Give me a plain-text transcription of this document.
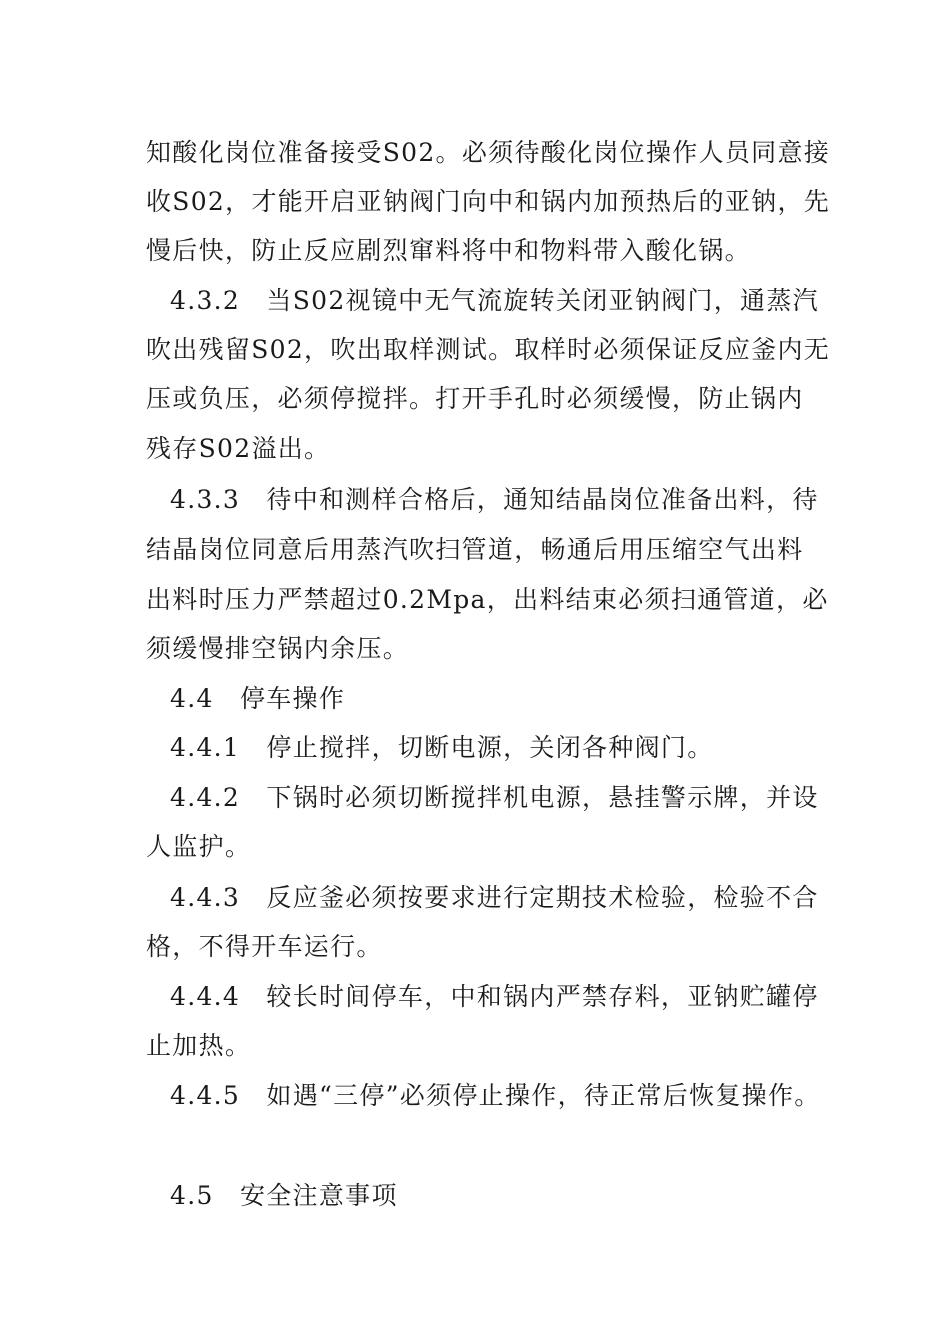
知酸化岗位准备接受S02。必须待酸化岗位操作人员同意接
收S02，才能开启亚钠阀门向中和锅内加预热后的亚钠，先
慢后快，防止反应剧烈窜料将中和物料带入酸化锅。
4.3.2　当S02视镜中无气流旋转关闭亚钠阀门，通蒸汽
吹出残留S02，吹出取样测试。取样时必须保证反应釜内无
压或负压，必须停搅拌。打开手孔时必须缓慢，防止锅内
残存S02溢出。
4.3.3　待中和测样合格后，通知结晶岗位准备出料，待
结晶岗位同意后用蒸汽吹扫管道，畅通后用压缩空气出料
出料时压力严禁超过0.2Mpa，出料结束必须扫通管道，必
须缓慢排空锅内余压。
4.4　停车操作
4.4.1　停止搅拌，切断电源，关闭各种阀门。
4.4.2　下锅时必须切断搅拌机电源，悬挂警示牌，并设
人监护。
4.4.3　反应釜必须按要求进行定期技术检验，检验不合
格，不得开车运行。
4.4.4　较长时间停车，中和锅内严禁存料，亚钠贮罐停
止加热。
4.4.5　如遇“三停”必须停止操作，待正常后恢复操作。
4.5　安全注意事项
